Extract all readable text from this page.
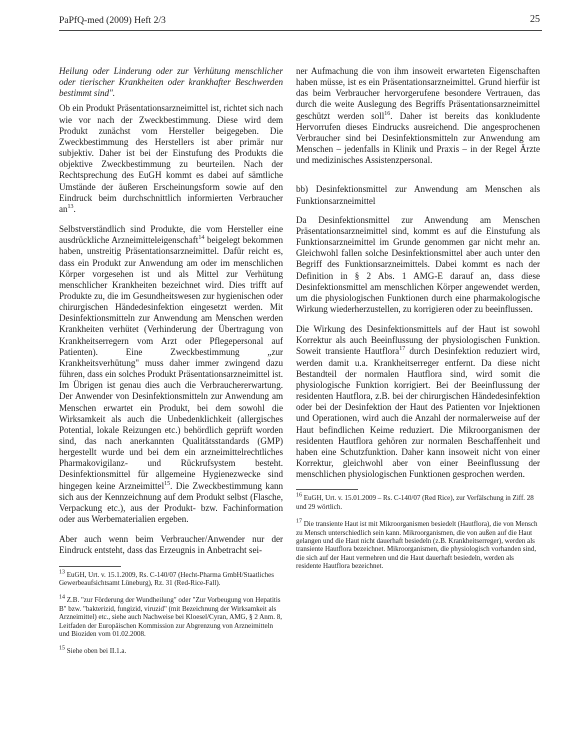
PaPfQ-med (2009) Heft 2/3	25

Heilung oder Linderung oder zur Verhütung menschlicher oder tierischer Krankheiten oder krankhafter Beschwerden bestimmt sind".

Ob ein Produkt Präsentationsarzneimittel ist, richtet sich nach wie vor nach der Zweckbestimmung. Diese wird dem Produkt zunächst vom Hersteller beigegeben. Die Zweckbestimmung des Herstellers ist aber primär nur subjektiv. Daher ist bei der Einstufung des Produkts die objektive Zweckbestimmung zu beurteilen. Nach der Rechtsprechung des EuGH kommt es dabei auf sämtliche Umstände der äußeren Erscheinungsform sowie auf den Eindruck beim durchschnittlich informierten Verbraucher $an^{13}$.

Selbstverständlich sind Produkte, die vom Hersteller eine ausdrückliche Arzneimitteleigenschaft$^{14}$ beigelegt bekommen haben, unstreitig Präsentationsarzneimittel. Dafür reicht es, dass ein Produkt zur Anwendung am oder im menschlichen Körper vorgesehen ist und als Mittel zur Verhütung menschlicher Krankheiten bezeichnet wird. Dies trifft auf Produkte zu, die im Gesundheitswesen zur hygienischen oder chirurgischen Händedesinfektion eingesetzt werden. Mit Desinfektionsmitteln zur Anwendung am Menschen werden Krankheiten verhütet (Verhinderung der Übertragung von Krankheitserregern vom Arzt oder Pflegepersonal auf Patienten). Eine Zweckbestimmung „zur Krankheitsverhütung" muss daher immer zwingend dazu führen, dass ein solches Produkt Präsentationsarzneimittel ist. Im Übrigen ist genau dies auch die Verbrauchererwartung. Der Anwender von Desinfektionsmitteln zur Anwendung am Menschen erwartet ein Produkt, bei dem sowohl die Wirksamkeit als auch die Unbedenklichkeit (allergisches Potential, lokale Reizungen etc.) behördlich geprüft worden sind, das nach anerkannten Qualitätsstandards (GMP) hergestellt wurde und bei dem ein arzneimittelrechtliches Pharmakovigilanz- und Rückrufsystem besteht. Desinfektionsmittel für allgemeine Hygienezwecke sind hingegen keine Arzneimittel$^{15}$. Die Zweckbestimmung kann sich aus der Kennzeichnung auf dem Produkt selbst (Flasche, Verpackung etc.), aus der Produkt- bzw. Fachinformation oder aus Werbematerialien ergeben.

Aber auch wenn beim Verbraucher/Anwender nur der Eindruck entsteht, dass das Erzeugnis in Anbetracht sei-

$^{13}$ EuGH, Urt. v. 15.1.2009, Rs. C-140/07 (Hecht-Pharma GmbH/Staatliches Gewerbeaufsichtsamt Lüneburg), Rz. 31 (Red-Rice-Fall).

$^{14}$ Z.B. "zur Förderung der Wundheilung" oder "Zur Vorbeugung von Hepatitis B" bzw. "bakterizid, fungizid, viruzid" (mit Bezeichnung der Wirksamkeit als Arzneimittel) etc., siehe auch Nachweise bei Kloesel/Cyran, AMG, § 2 Anm. 8, Leitfaden der Europäischen Kommission zur Abgrenzung von Arzneimitteln und Bioziden vom 01.02.2008.

$^{15}$ Siehe oben bei II.1.a.

ner Aufmachung die von ihm insoweit erwarteten Eigenschaften haben müsse, ist es ein Präsentationsarzneimittel. Grund hierfür ist das beim Verbraucher hervorgerufene besondere Vertrauen, das durch die weite Auslegung des Begriffs Präsentationsarzneimittel geschützt werden soll$^{16}$. Daher ist bereits das konkludente Hervorrufen dieses Eindrucks ausreichend. Die angesprochenen Verbraucher sind bei Desinfektionsmitteln zur Anwendung am Menschen – jedenfalls in Klinik und Praxis – in der Regel Ärzte und medizinisches Assistenzpersonal.

bb) Desinfektionsmittel zur Anwendung am Menschen als Funktionsarzneimittel

Da Desinfektionsmittel zur Anwendung am Menschen Präsentationsarzneimittel sind, kommt es auf die Einstufung als Funktionsarzneimittel im Grunde genommen gar nicht mehr an. Gleichwohl fallen solche Desinfektionsmittel aber auch unter den Begriff des Funktionsarzneimittels. Dabei kommt es nach der Definition in § 2 Abs. 1 AMG-E darauf an, dass diese Desinfektionsmittel am menschlichen Körper angewendet werden, um die physiologischen Funktionen durch eine pharmakologische Wirkung wiederherzustellen, zu korrigieren oder zu beeinflussen.

Die Wirkung des Desinfektionsmittels auf der Haut ist sowohl Korrektur als auch Beeinflussung der physiologischen Funktion. Soweit transiente Hautflora$^{17}$ durch Desinfektion reduziert wird, werden damit u.a. Krankheitserreger entfernt. Da diese nicht Bestandteil der normalen Hautflora sind, wird somit die physiologische Funktion korrigiert. Bei der Beeinflussung der residenten Hautflora, z.B. bei der chirurgischen Händedesinfektion oder bei der Desinfektion der Haut des Patienten vor Injektionen und Operationen, wird auch die Anzahl der normalerweise auf der Haut befindlichen Keime reduziert. Die Mikroorganismen der residenten Hautflora gehören zur normalen Beschaffenheit und haben eine Schutzfunktion. Daher kann insoweit nicht von einer Korrektur, gleichwohl aber von einer Beeinflussung der menschlichen physiologischen Funktionen gesprochen werden.

$^{16}$ EuGH, Urt. v. 15.01.2009 – Rs. C-140/07 (Red Rice), zur Verfälschung in Ziff. 28 und 29 wörtlich.

$^{17}$ Die transiente Haut ist mit Mikroorganismen besiedelt (Hautflora), die von Mensch zu Mensch unterschiedlich sein kann. Mikroorganismen, die von außen auf die Haut gelangen und die Haut nicht dauerhaft besiedeln (z.B. Krankheitserreger), werden als transiente Hautflora bezeichnet. Mikroorganismen, die physiologisch vorhanden sind, die sich auf der Haut vermehren und die Haut dauerhaft besiedeln, werden als residente Hautflora bezeichnet.
